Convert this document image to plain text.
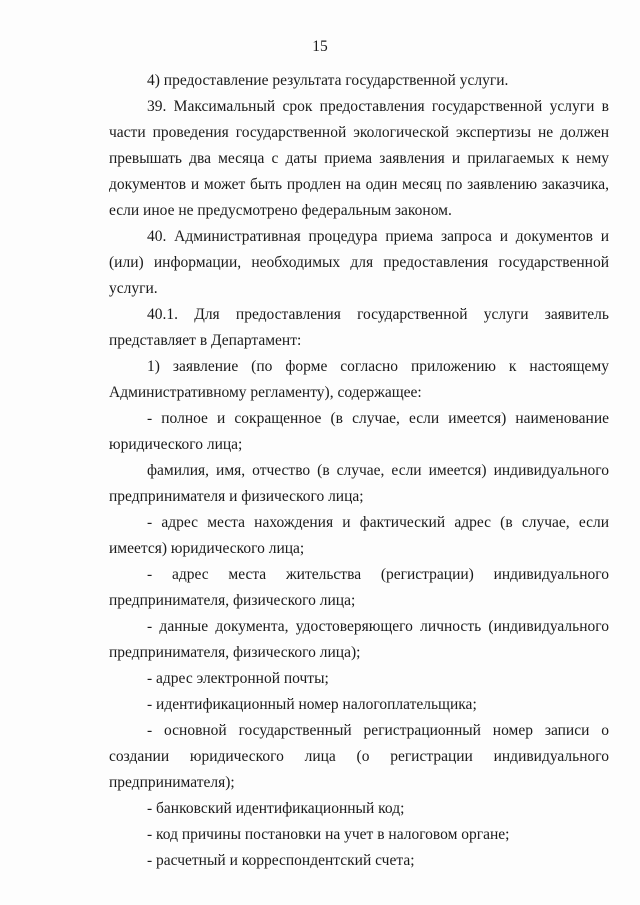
15

4) предоставление результата государственной услуги.

39. Максимальный срок предоставления государственной услуги в части проведения государственной экологической экспертизы не должен превышать два месяца с даты приема заявления и прилагаемых к нему документов и может быть продлен на один месяц по заявлению заказчика, если иное не предусмотрено федеральным законом.

40. Административная процедура приема запроса и документов и (или) информации, необходимых для предоставления государственной услуги.

40.1. Для предоставления государственной услуги заявитель представляет в Департамент:

1) заявление (по форме согласно приложению к настоящему Административному регламенту), содержащее:

- полное и сокращенное (в случае, если имеется) наименование юридического лица;

фамилия, имя, отчество (в случае, если имеется) индивидуального предпринимателя и физического лица;

- адрес места нахождения и фактический адрес (в случае, если имеется) юридического лица;

- адрес места жительства (регистрации) индивидуального предпринимателя, физического лица;

- данные документа, удостоверяющего личность (индивидуального предпринимателя, физического лица);

- адрес электронной почты;

- идентификационный номер налогоплательщика;

- основной государственный регистрационный номер записи о создании юридического лица (о регистрации индивидуального предпринимателя);

- банковский идентификационный код;

- код причины постановки на учет в налоговом органе;

- расчетный и корреспондентский счета;
